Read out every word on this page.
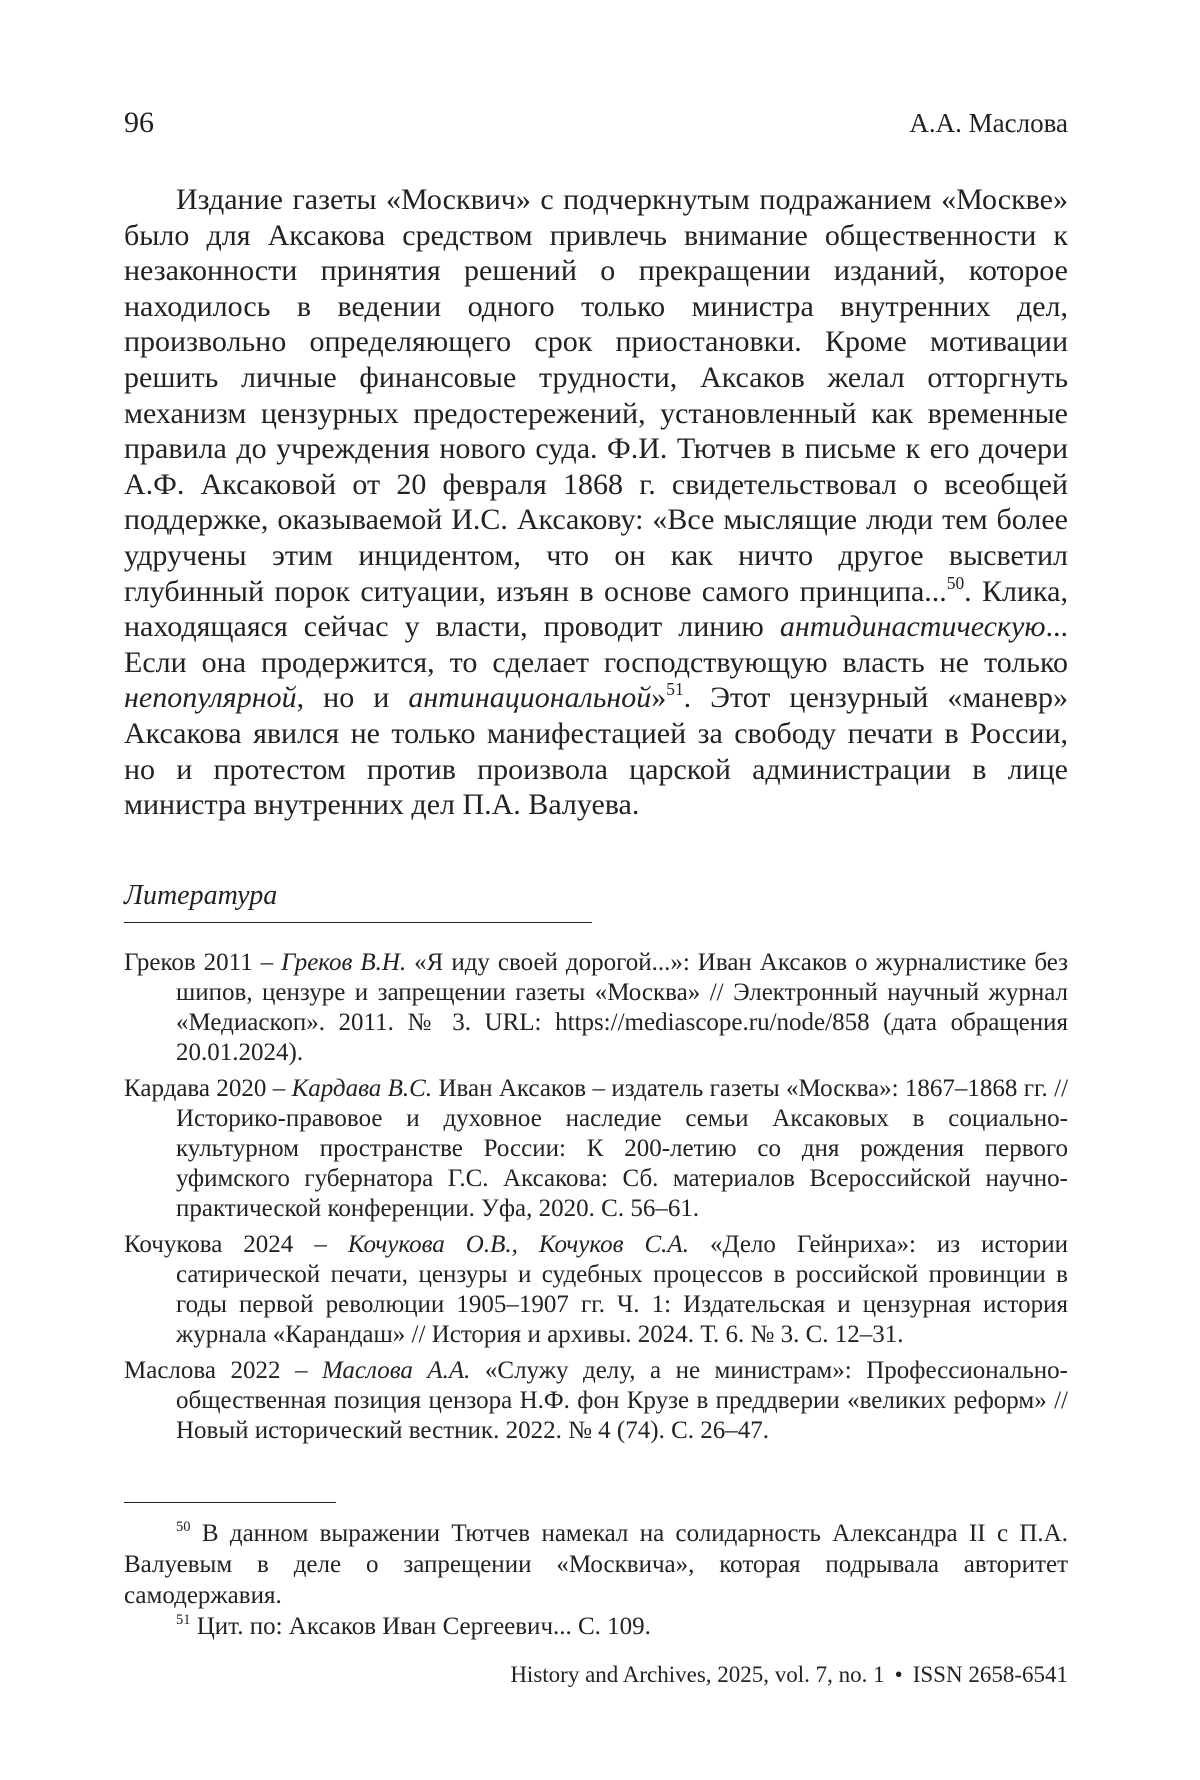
96	А.А. Маслова

Издание газеты «Москвич» с подчеркнутым подражанием «Москве» было для Аксакова средством привлечь внимание общественности к незаконности принятия решений о прекращении изданий, которое находилось в ведении одного только министра внутренних дел, произвольно определяющего срок приостановки. Кроме мотивации решить личные финансовые трудности, Аксаков желал отторгнуть механизм цензурных предостережений, установленный как временные правила до учреждения нового суда. Ф.И. Тютчев в письме к его дочери А.Ф. Аксаковой от 20 февраля 1868 г. свидетельствовал о всеобщей поддержке, оказываемой И.С. Аксакову: «Все мыслящие люди тем более удручены этим инцидентом, что он как ничто другое высветил глубинный порок ситуации, изъян в основе самого принципа...$^{50}$. Клика, находящаяся сейчас у власти, проводит линию антидинастическую... Если она продержится, то сделает господствующую власть не только непопулярной, но и антинациональной»$^{51}$. Этот цензурный «маневр» Аксакова явился не только манифестацией за свободу печати в России, но и протестом против произвола царской администрации в лице министра внутренних дел П.А. Валуева.

Литература
Греков 2011 – Греков В.Н. «Я иду своей дорогой...»: Иван Аксаков о журналистике без шипов, цензуре и запрещении газеты «Москва» // Электронный научный журнал «Медиаскоп». 2011. № 3. URL: https://mediascope.ru/node/858 (дата обращения 20.01.2024).
Кардава 2020 – Кардава В.С. Иван Аксаков – издатель газеты «Москва»: 1867–1868 гг. // Историко-правовое и духовное наследие семьи Аксаковых в социально-культурном пространстве России: К 200-летию со дня рождения первого уфимского губернатора Г.С. Аксакова: Сб. материалов Всероссийской научно-практической конференции. Уфа, 2020. С. 56–61.
Кочукова 2024 – Кочукова О.В., Кочуков С.А. «Дело Гейнриха»: из истории сатирической печати, цензуры и судебных процессов в российской провинции в годы первой революции 1905–1907 гг. Ч. 1: Издательская и цензурная история журнала «Карандаш» // История и архивы. 2024. Т. 6. № 3. С. 12–31.
Маслова 2022 – Маслова А.А. «Служу делу, а не министрам»: Профессионально-общественная позиция цензора Н.Ф. фон Крузе в преддверии «великих реформ» // Новый исторический вестник. 2022. № 4 (74). С. 26–47.

$^{50}$ В данном выражении Тютчев намекал на солидарность Александра II с П.А. Валуевым в деле о запрещении «Москвича», которая подрывала авторитет самодержавия.

$^{51}$ Цит. по: Аксаков Иван Сергеевич... С. 109.

History and Archives, 2025, vol. 7, no. 1 • ISSN 2658-6541
